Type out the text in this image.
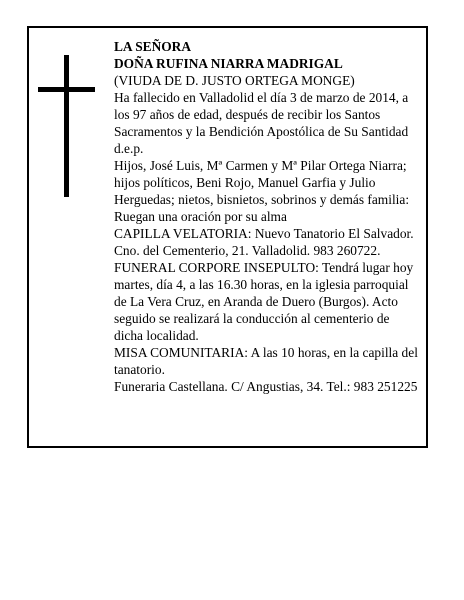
LA SEÑORA

DOÑA RUFINA NIARRA MADRIGAL

(VIUDA DE D. JUSTO ORTEGA MONGE)

Ha fallecido en Valladolid el día 3 de marzo de 2014, a los 97 años de edad, después de recibir los Santos Sacramentos y la Bendición Apostólica de Su Santidad

d.e.p.

Hijos, José Luis, Mª Carmen y Mª Pilar Ortega Niarra; hijos políticos, Beni Rojo, Manuel Garfia y Julio Herguedas; nietos, bisnietos, sobrinos y demás familia:

Ruegan una oración por su alma

CAPILLA VELATORIA: Nuevo Tanatorio El Salvador. Cno. del Cementerio, 21. Valladolid. 983 260722.

FUNERAL CORPORE INSEPULTO: Tendrá lugar hoy martes, día 4, a las 16.30 horas, en la iglesia parroquial de La Vera Cruz, en Aranda de Duero (Burgos). Acto seguido se realizará la conducción al cementerio de dicha localidad.

MISA COMUNITARIA: A las 10 horas, en la capilla del tanatorio.

Funeraria Castellana. C/ Angustias, 34. Tel.: 983 251225
